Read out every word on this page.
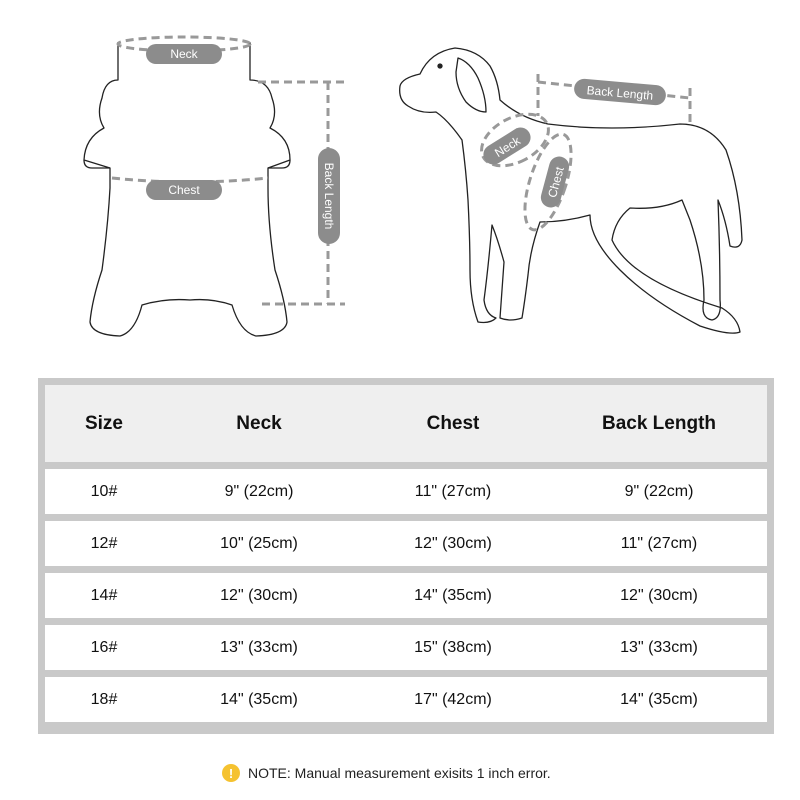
Neck
Chest	Back Length
Neck
Chest
Back Length
Size	Neck	Chest	Back Length
10#	9" (22cm)	11" (27cm)	9" (22cm)
12#	10" (25cm)	12" (30cm)	11" (27cm)
14#	12" (30cm)	14" (35cm)	12" (30cm)
16#	13" (33cm)	15" (38cm)	13" (33cm)
18#	14" (35cm)	17" (42cm)	14" (35cm)
!	NOTE: Manual measurement exisits 1 inch error.
